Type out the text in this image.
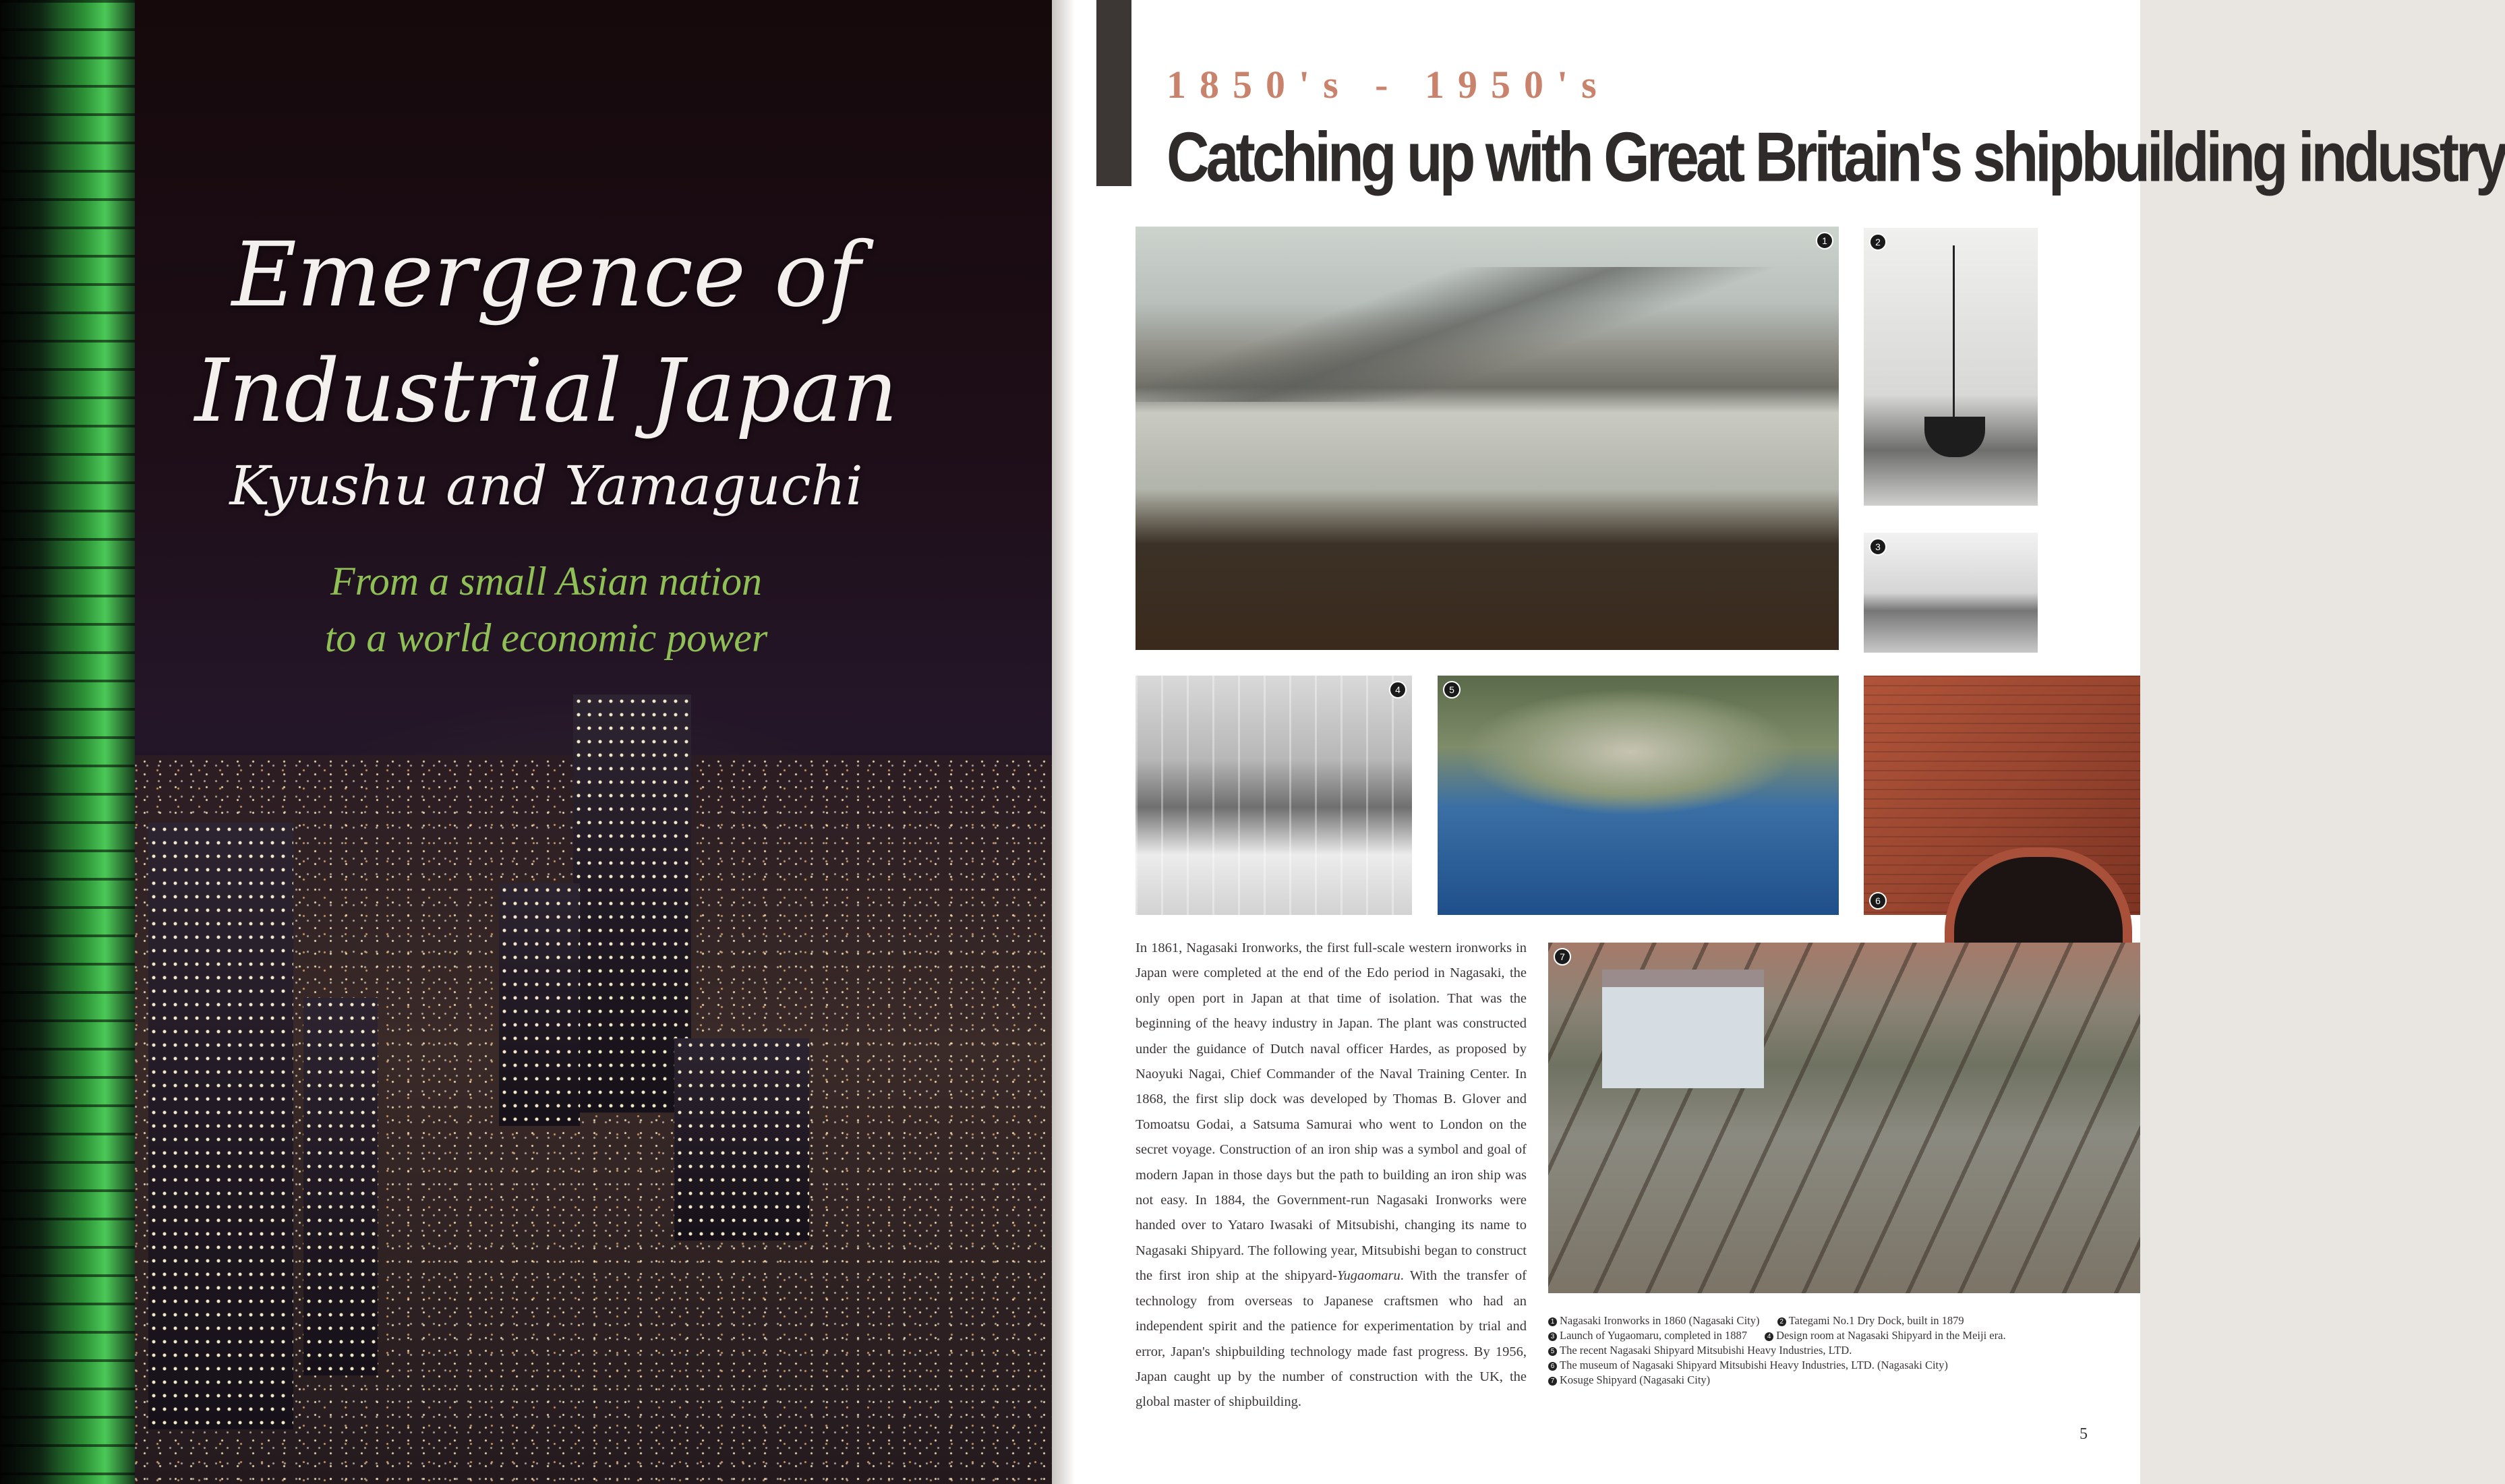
Emergence of
Industrial Japan
Kyushu and Yamaguchi
From a small Asian nation
to a world economic power
1850's - 1950's
Catching up with Great Britain's shipbuilding industry
1	2
3
4	5
6

In 1861, Nagasaki Ironworks, the first full-scale western ironworks in Japan were completed at the end of the Edo period in Nagasaki, the only open port in Japan at that time of isolation. That was the beginning of the heavy industry in Japan. The plant was constructed under the guidance of Dutch naval officer Hardes, as proposed by Naoyuki Nagai, Chief Commander of the Naval Training Center. In 1868, the first slip dock was developed by Thomas B. Glover and Tomoatsu Godai, a Satsuma Samurai who went to London on the secret voyage. Construction of an iron ship was a symbol and goal of modern Japan in those days but the path to building an iron ship was not easy. In 1884, the Government-run Nagasaki Ironworks were handed over to Yataro Iwasaki of Mitsubishi, changing its name to Nagasaki Shipyard. The following year, Mitsubishi began to construct the first iron ship at the shipyard-Yugaomaru. With the transfer of technology from overseas to Japanese craftsmen who had an independent spirit and the patience for experimentation by trial and error, Japan's shipbuilding technology made fast progress. By 1956, Japan caught up by the number of construction with the UK, the global master of shipbuilding.

7
1 Nagasaki Ironworks in 1860 (Nagasaki City)	2 Tategami No.1 Dry Dock, built in 1879
3 Launch of Yugaomaru, completed in 1887	4 Design room at Nagasaki Shipyard in the Meiji era.
5 The recent Nagasaki Shipyard Mitsubishi Heavy Industries, LTD.
6 The museum of Nagasaki Shipyard Mitsubishi Heavy Industries, LTD. (Nagasaki City)
7 Kosuge Shipyard (Nagasaki City)
5
